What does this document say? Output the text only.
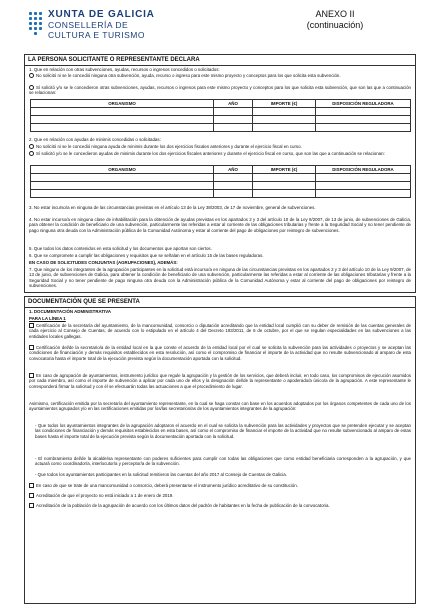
XUNTA DE GALICIA
CONSELLERÍA DE
CULTURA E TURISMO
ANEXO II
(continuación)
LA PERSONA SOLICITANTE O REPRESENTANTE DECLARA
1. Que en relación con otras subvenciones, ayudas, recursos o ingresos concedidos o solicitados:
No solicitó ni se le concedió ninguna otra subvención, ayuda, recurso o ingreso para este mismo proyecto y conceptos para los que solicita esta subvención.
Sí solicitó y/o se le concedieron otras subvenciones, ayudas, recursos o ingresos para este mismo proyecto y conceptos para los que solicita esta subvención, que son las que a continuación se relacionan:
ORGANISMO	AÑO	IMPORTE (€)	DISPOSICIÓN REGULADORA

2. Que en relación con ayudas de minimis concedidas o solicitadas:
No solicitó ni se le concedió ninguna ayuda de minimis durante los dos ejercicios fiscales anteriores y durante el ejercicio fiscal en curso.
Sí solicitó y/o se le concedieron ayudas de minimis durante los dos ejercicios fiscales anteriores y durante el ejercicio fiscal en curso, que son las que a continuación se relacionan:
ORGANISMO	AÑO	IMPORTE (€)	DISPOSICIÓN REGULADORA

3. No estar incurso/a en ninguna de las circunstancias previstas en el artículo 13 de la Ley 38/2003, de 17 de noviembre, general de subvenciones.
4. No estar incurso/a en ninguna clase de inhabilitación para la obtención de ayudas previstas en los apartados 2 y 3 del artículo 10 de la Ley 9/2007, de 13 de junio, de subvenciones de Galicia, para obtener la condición de beneficiario de una subvención, particularmente las referidas a estar al corriente de las obligaciones tributarias y frente a la Seguridad Social y no tener pendiente de pago ninguna otra deuda con la Administración pública de la Comunidad Autónoma y estar al corriente del pago de obligaciones por reintegro de subvenciones.
5. Que todos los datos contenidos en esta solicitud y los documentos que aportan son ciertos.
6. Que se compromete a cumplir las obligaciones y requisitos que se señalan en el artículo 15 de las bases reguladoras.
EN CASO DE SOLICITUDES CONJUNTAS (AGRUPACIONES), ADEMÁS:
7. Que ninguno de los integrantes de la agrupación participantes en la solicitud está incurso/a en ninguna de las circunstancias previstas en los apartados 2 y 3 del artículo 10 de la Ley 9/2007, de 13 de junio, de subvenciones de Galicia, para obtener la condición de beneficiario de una subvención, particularmente las referidas a estar al corriente de las obligaciones tributarias y frente a la Seguridad Social y no tener pendiente de pago ninguna otra deuda con la Administración pública de la Comunidad Autónoma y estar al corriente del pago de obligaciones por reintegro de subvenciones.
DOCUMENTACIÓN QUE SE PRESENTA
1. DOCUMENTACIÓN ADMINISTRATIVA
PARA LA LÍNEA 1
Certificación de la secretaría del ayuntamiento, de la mancomunidad, consorcio o diputación acreditando que la entidad local cumplió con su deber de remisión de las cuentas generales de cada ejercicio al Consejo de Cuentas, de acuerdo con lo estipulado en el artículo 4 del Decreto 193/2011, de 6 de octubre, por el que se regulan especialidades en las subvenciones a las entidades locales gallegas.
Certificación del/de la secretario/a de la entidad local en la que conste el acuerdo de la entidad local por el cual se solicita la subvención para las actividades o proyectos y se aceptan las condiciones de financiación y demás requisitos establecidos en esta resolución, así como el compromiso de financiar el importe de la actividad que no resulte subvencionado al amparo de esta convocatoria hasta el importe total de la ejecución prevista según la documentación aportada con la solicitud.
En caso de agrupación de ayuntamientos, instrumento jurídico que regule la agrupación y la gestión de los servicios, que deberá incluir, en todo caso, los compromisos de ejecución asumidos por cada miembro, así como el importe de subvención a aplicar por cada uno de ellos y la designación del/de la representante o apoderado/a único/a de la agrupación. A este representante le corresponderá firmar la solicitud y con él se efectuarán todas las actuaciones a que el procedimiento de lugar.
Asimismo, certificación emitida por la secretaría del ayuntamiento representante, en la cual se haga constar con base en los acuerdos adoptados por los órganos competentes de cada uno de los ayuntamientos agrupados y/o en las certificaciones emitidas por los/las secretarios/as de los ayuntamientos integrantes de la agrupación:
- Que todos los ayuntamientos integrantes de la agrupación adoptaron el acuerdo en el cual se solicita la subvención para las actividades y proyectos que se pretenden ejecutar y se aceptan las condiciones de financiación y demás requisitos establecidos en esta bases, así como el compromiso de financiar el importe de la actividad que no resulte subvencionado al amparo de estas bases hasta el importe total de la ejecución prevista según la documentación aportada con la solicitud.
- El nombramiento del/de la alcalde/sa representante con poderes suficientes para cumplir con todas las obligaciones que como entidad beneficiaria corresponden a la agrupación, y que actuará como coordinador/a, interlocutor/a y perceptor/a de la subvención.
- Que todos los ayuntamientos participantes en la solicitud remitieron las cuentas del año 2017 al Consejo de Cuentas de Galicia.
En caso de que se trate de una mancomunidad o consorcio, deberá presentarse el instrumento jurídico acreditativo de su constitución.
Acreditación de que el proyecto no está iniciado a 1 de enero de 2019.
Acreditación de la población de la agrupación de acuerdo con los últimos datos del padrón de habitantes en la fecha de publicación de la convocatoria.
